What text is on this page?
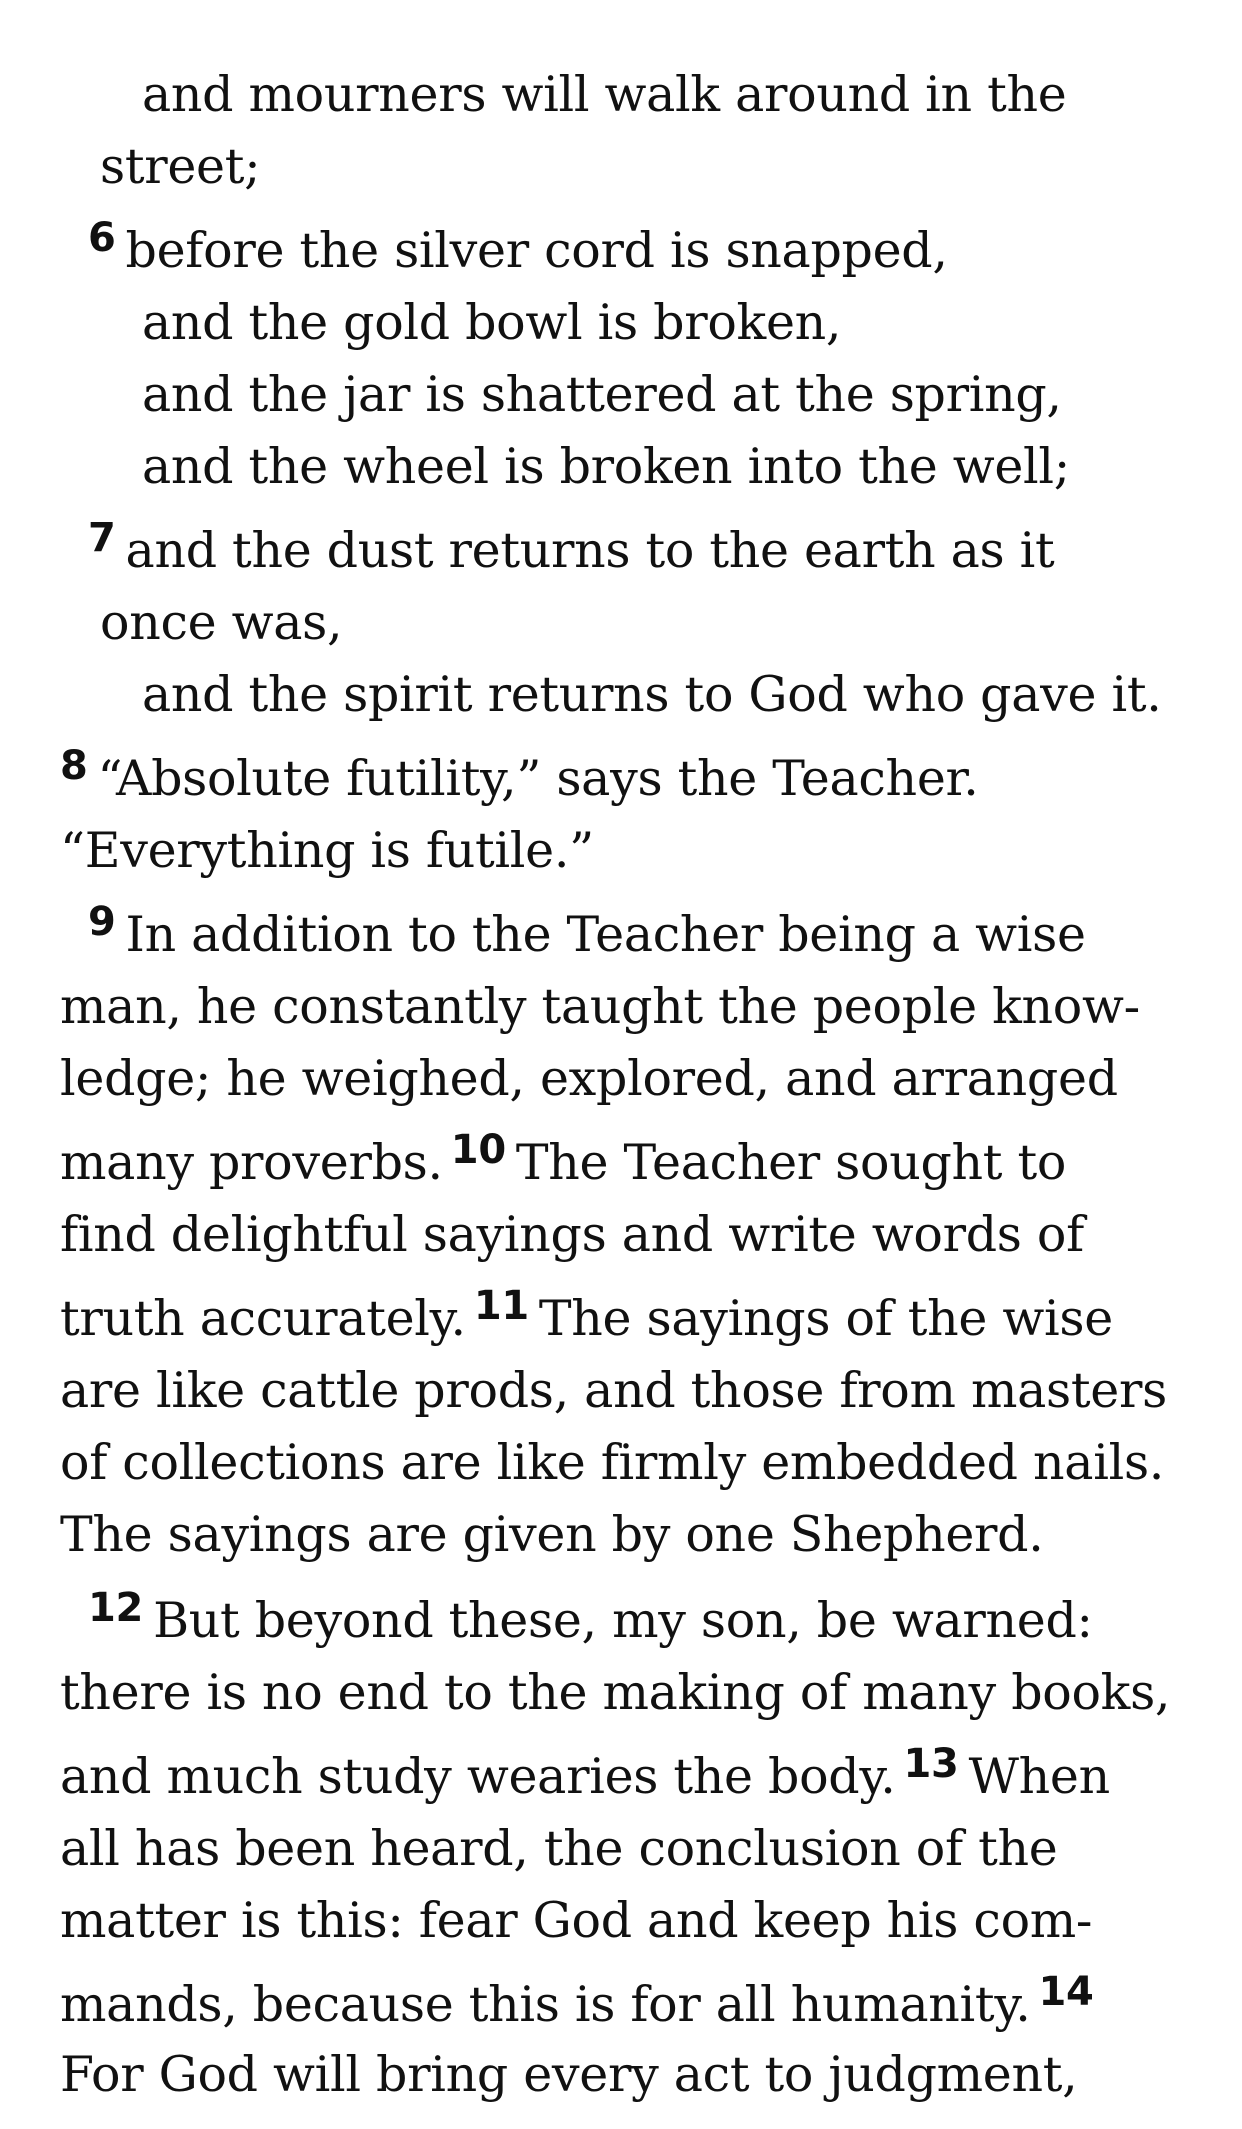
and mourners will walk around in the
street;
$^6$ before the silver cord is snapped,
and the gold bowl is broken,
and the jar is shattered at the spring,
and the wheel is broken into the well;
$^7$ and the dust returns to the earth as it
once was,
and the spirit returns to God who gave it.
$^8$ “Absolute futility,” says the Teacher.
“Everything is futile.”
$^9$ In addition to the Teacher being a wise
man, he constantly taught the people know-
ledge; he weighed, explored, and arranged
many proverbs. $^{10}$ The Teacher sought to
find delightful sayings and write words of
truth accurately. $^{11}$ The sayings of the wise
are like cattle prods, and those from masters
of collections are like firmly embedded nails.
The sayings are given by one Shepherd.
$^{12}$ But beyond these, my son, be warned:
there is no end to the making of many books,
and much study wearies the body. $^{13}$ When
all has been heard, the conclusion of the
matter is this: fear God and keep his com-
mands, because this is for all humanity. $^{14}$
For God will bring every act to judgment,
